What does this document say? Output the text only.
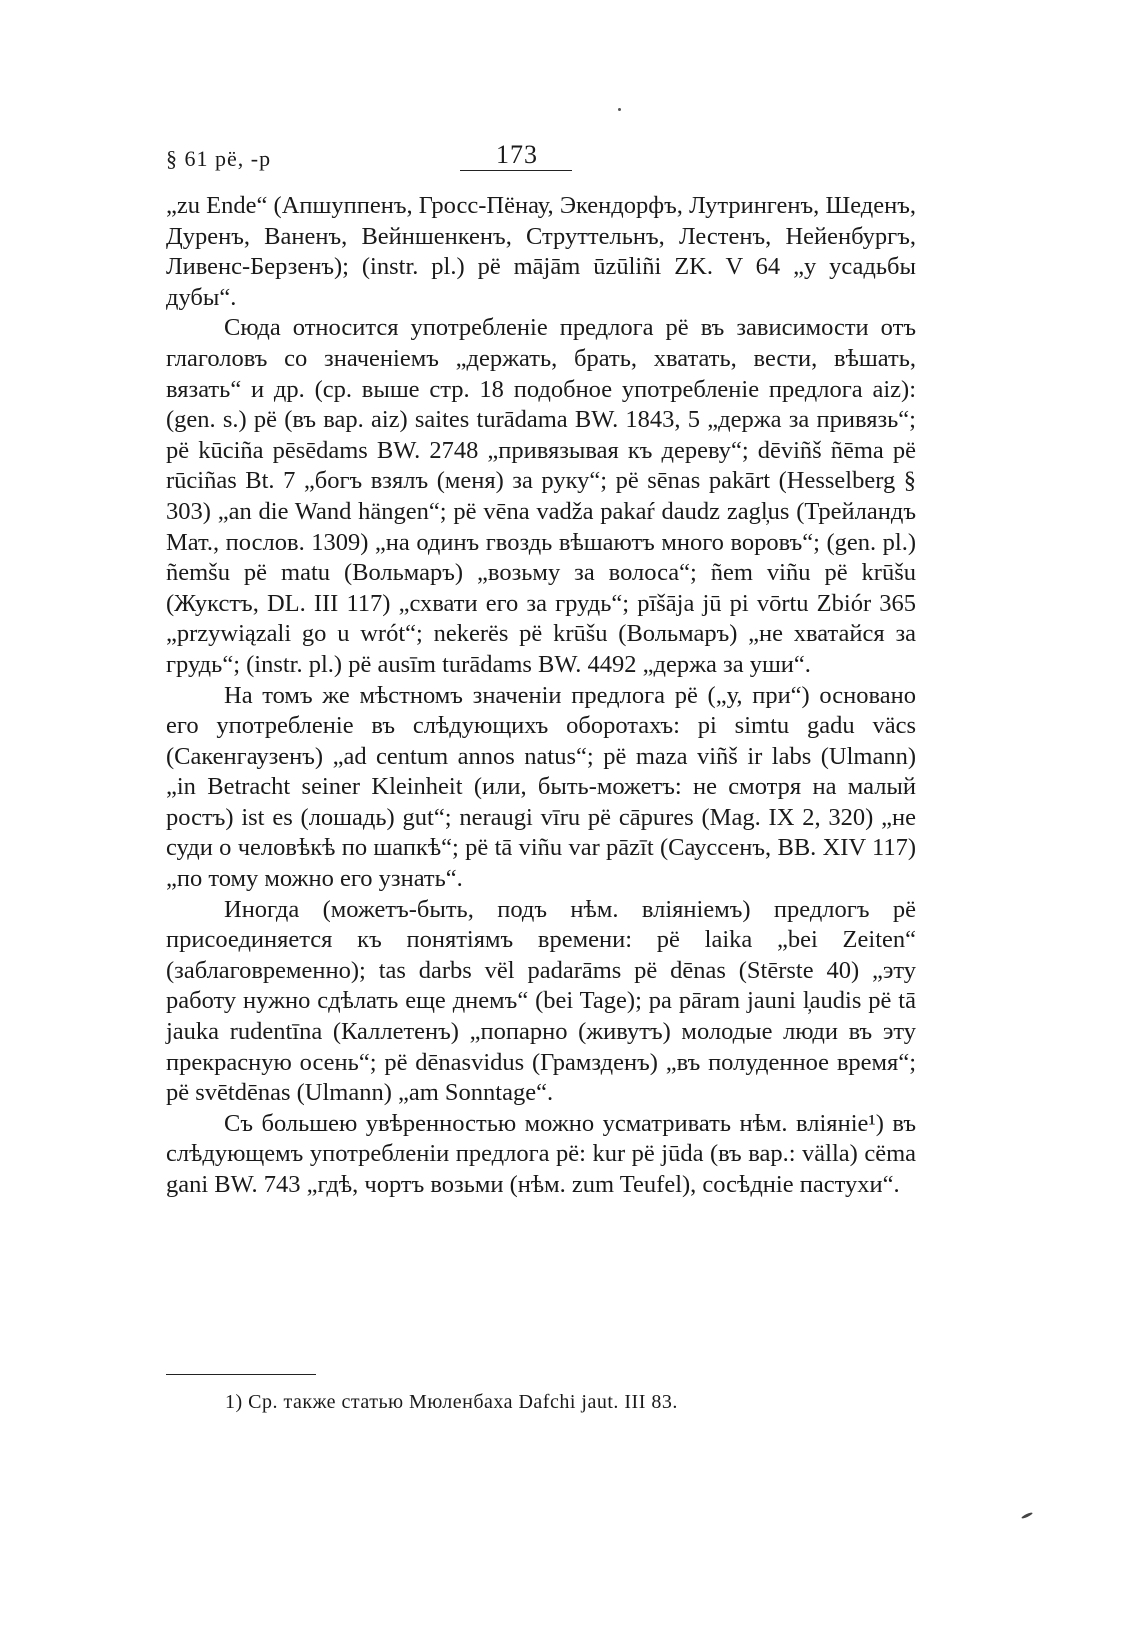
§ 61 pë, -p	173

„zu Ende“ (Апшуппенъ, Гросс-Пёнау, Экендорфъ, Лутрингенъ, Шеденъ, Дуренъ, Ваненъ, Вейншенкенъ, Струттельнъ, Лестенъ, Нейенбургъ, Ливенс-Берзенъ); (instr. pl.) pë mājām ūzūliñi ZK. V 64 „у усадьбы дубы“.

Сюда относится употребленіе предлога pë въ зависимости отъ глаголовъ со значеніемъ „держать, брать, хватать, вести, вѣшать, вязать“ и др. (ср. выше стр. 18 подобное употребленіе предлога aiz): (gen. s.) pë (въ вар. aiz) saites turādama BW. 1843, 5 „держа за привязь“; pë kūciña pēsēdams BW. 2748 „привязывая къ дереву“; dēviñš ñēma pë rūciñas Bt. 7 „богъ взялъ (меня) за руку“; pë sēnas pakārt (Hesselberg § 303) „an die Wand hängen“; pë vēna vadža pakaŕ daudz zagl̦us (Трейландъ Мат., послов. 1309) „на одинъ гвоздь вѣшаютъ много воровъ“; (gen. pl.) ñemšu pë matu (Вольмаръ) „возьму за волоса“; ñem viñu pë krūšu (Жукстъ, DL. III 117) „схвати его за грудь“; pīšāja jū pi vōrtu Zbiór 365 „przywiązali go u wrót“; nekerës pë krūšu (Вольмаръ) „не хватайся за грудь“; (instr. pl.) pë ausīm turādams BW. 4492 „держа за уши“.

На томъ же мѣстномъ значеніи предлога pë („у, при“) основано его употребленіе въ слѣдующихъ оборотахъ: pi simtu gadu väcs (Сакенгаузенъ) „ad centum annos natus“; pë maza viñš ir labs (Ulmann) „in Betracht seiner Kleinheit (или, быть-можетъ: не смотря на малый ростъ) ist es (лошадь) gut“; neraugi vīru pë cāpures (Mag. IX 2, 320) „не суди о человѣкѣ по шапкѣ“; pë tā viñu var pāzīt (Сауссенъ, BB. XIV 117) „по тому можно его узнать“.

Иногда (можетъ-быть, подъ нѣм. вліяніемъ) предлогъ pë присоединяется къ понятіямъ времени: pë laika „bei Zeiten“ (заблаговременно); tas darbs vël padarāms pë dēnas (Stērste 40) „эту работу нужно сдѣлать еще днемъ“ (bei Tage); pa pāram jauni l̦audis pë tā jauka rudentīna (Каллетенъ) „попарно (живутъ) молодые люди въ эту прекрасную осень“; pë dēnasvidus (Грамзденъ) „въ полуденное время“; pë svētdēnas (Ulmann) „am Sonntage“.

Съ большею увѣренностью можно усматривать нѣм. вліяніе¹) въ слѣдующемъ употребленіи предлога pë: kur pë jūda (въ вар.: välla) cëma gani BW. 743 „гдѣ, чортъ возьми (нѣм. zum Teufel), сосѣдніе пастухи“.

1) Ср. также статью Мюленбаха Dafchi jaut. III 83.
